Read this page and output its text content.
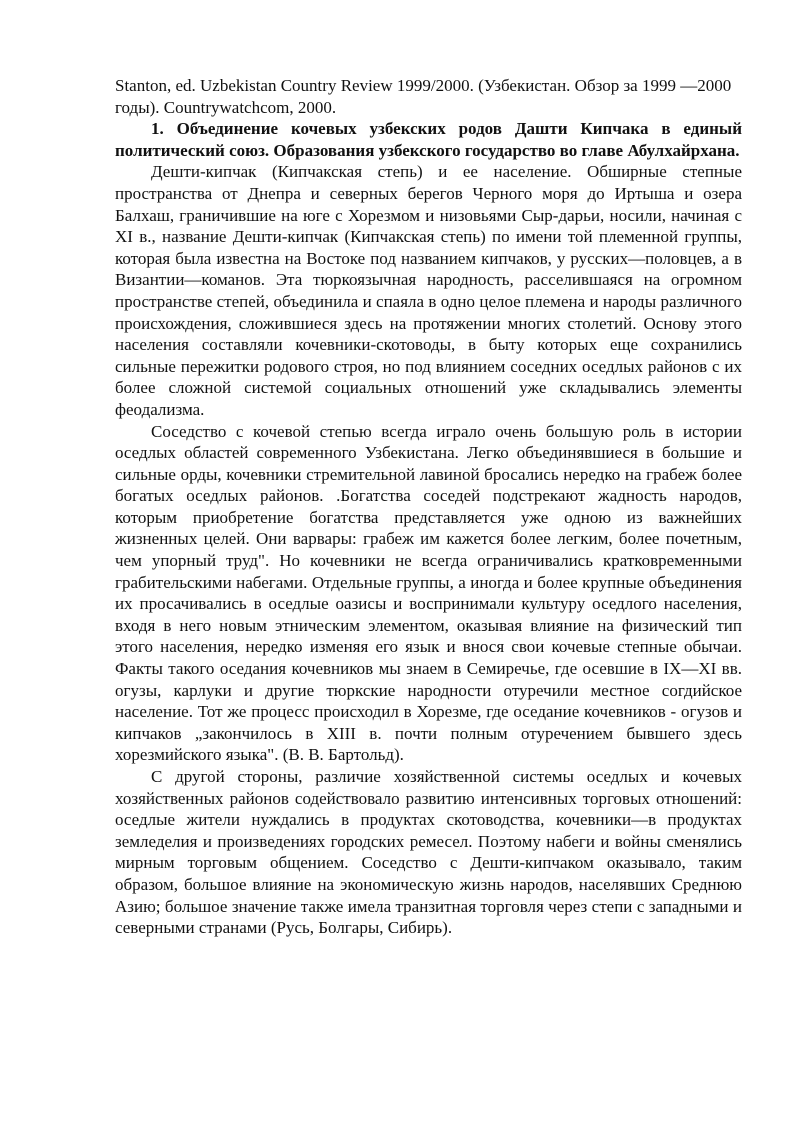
Stanton, ed. Uzbekistan Country Review 1999/2000. (Узбекистан. Обзор за 1999 —2000 годы). Countrywatchcom, 2000.

1. Объединение кочевых узбекских родов Дашти Кипчака в единый политический союз. Образования узбекского государство во главе Абулхайрхана.

Дешти-кипчак (Кипчакская степь) и ее население. Обширные степные пространства от Днепра и северных берегов Черного моря до Иртыша и озера Балхаш, граничившие на юге с Хорезмом и низовьями Сыр-дарьи, носили, начиная с XI в., название Дешти-кипчак (Кипчакская степь) по имени той племенной группы, которая была известна на Востоке под названием кипчаков, у русских—половцев, а в Византии—команов. Эта тюркоязычная народность, расселившаяся на огромном пространстве степей, объединила и спаяла в одно целое племена и народы различного происхождения, сложившиеся здесь на протяжении многих столетий. Основу этого населения составляли кочевники-скотоводы, в быту которых еще сохранились сильные пережитки родового строя, но под влиянием соседних оседлых районов с их более сложной системой социальных отношений уже складывались элементы феодализма.

Соседство с кочевой степью всегда играло очень большую роль в истории оседлых областей современного Узбекистана. Легко объединявшиеся в большие и сильные орды, кочевники стремительной лавиной бросались нередко на грабеж более богатых оседлых районов. .Богатства соседей подстрекают жадность народов, которым приобретение богатства представляется уже одною из важнейших жизненных целей. Они варвары: грабеж им кажется более легким, более почетным, чем упорный труд". Но кочевники не всегда ограничивались кратковременными грабительскими набегами. Отдельные группы, а иногда и более крупные объединения их просачивались в оседлые оазисы и воспринимали культуру оседлого населения, входя в него новым этническим элементом, оказывая влияние на физический тип этого населения, нередко изменяя его язык и внося свои кочевые степные обычаи. Факты такого оседания кочевников мы знаем в Семиречье, где осевшие в IX—XI вв. огузы, карлуки и другие тюркские народности отуречили местное согдийское население. Тот же процесс происходил в Хорезме, где оседание кочевников - огузов и кипчаков „закончилось в XIII в. почти полным отуречением бывшего здесь хорезмийского языка". (В. В. Бартольд).

С другой стороны, различие хозяйственной системы оседлых и кочевых хозяйственных районов содействовало развитию интенсивных торговых отношений: оседлые жители нуждались в продуктах скотоводства, кочевники—в продуктах земледелия и произведениях городских ремесел. Поэтому набеги и войны сменялись мирным торговым общением. Соседство с Дешти-кипчаком оказывало, таким образом, большое влияние на экономическую жизнь народов, населявших Среднюю Азию; большое значение также имела транзитная торговля через степи с западными и северными странами (Русь, Болгары, Сибирь).
